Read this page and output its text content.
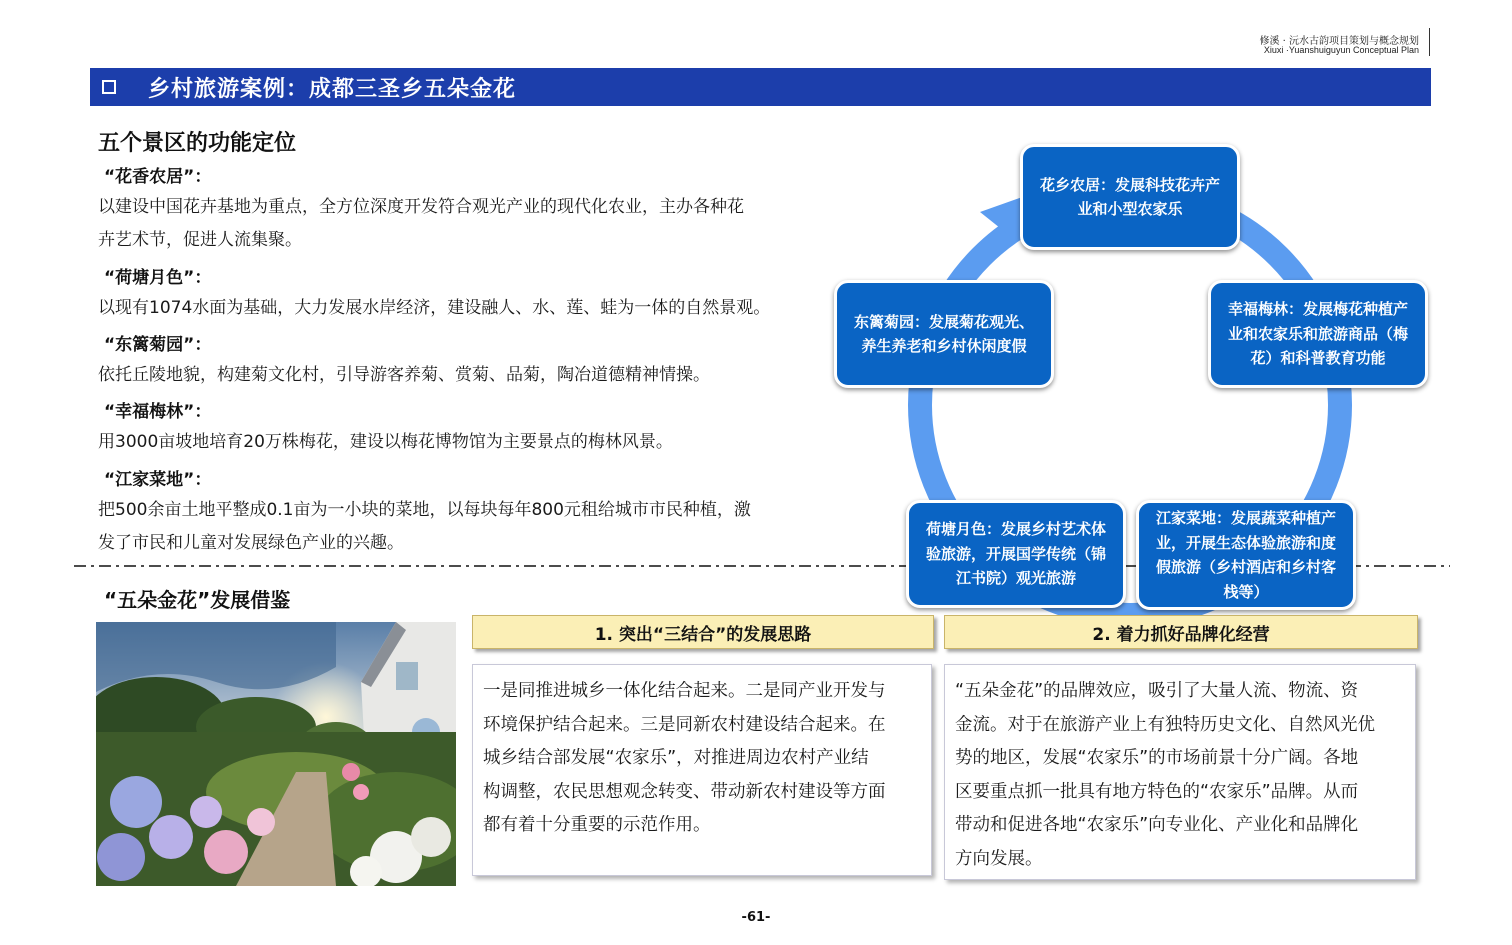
修溪 · 沅水古韵项目策划与概念规划
Xiuxi ·Yuanshuiguyun Conceptual Plan
乡村旅游案例：成都三圣乡五朵金花
五个景区的功能定位
“花香农居”：
以建设中国花卉基地为重点，全方位深度开发符合观光产业的现代化农业，主办各种花
卉艺术节，促进人流集聚。
“荷塘月色”：
以现有1074水面为基础，大力发展水岸经济，建设融人、水、莲、蛙为一体的自然景观。
“东篱菊园”：
依托丘陵地貌，构建菊文化村，引导游客养菊、赏菊、品菊，陶冶道德精神情操。
“幸福梅林”：
用3000亩坡地培育20万株梅花，建设以梅花博物馆为主要景点的梅林风景。
“江家菜地”：
把500余亩土地平整成0.1亩为一小块的菜地，以每块每年800元租给城市市民种植，激
发了市民和儿童对发展绿色产业的兴趣。
花乡农居：发展科技花卉产
业和小型农家乐
幸福梅林：发展梅花种植产
业和农家乐和旅游商品（梅
花）和科普教育功能
东篱菊园：发展菊花观光、
养生养老和乡村休闲度假
荷塘月色：发展乡村艺术体
验旅游，开展国学传统（锦
江书院）观光旅游
江家菜地：发展蔬菜种植产
业，开展生态体验旅游和度
假旅游（乡村酒店和乡村客
栈等）
“五朵金花”发展借鉴
1. 突出“三结合”的发展思路
一是同推进城乡一体化结合起来。二是同产业开发与
环境保护结合起来。三是同新农村建设结合起来。在
城乡结合部发展“农家乐”，对推进周边农村产业结
构调整，农民思想观念转变、带动新农村建设等方面
都有着十分重要的示范作用。
2. 着力抓好品牌化经营
“五朵金花”的品牌效应，吸引了大量人流、物流、资
金流。对于在旅游产业上有独特历史文化、自然风光优
势的地区，发展“农家乐”的市场前景十分广阔。各地
区要重点抓一批具有地方特色的“农家乐”品牌。从而
带动和促进各地“农家乐”向专业化、产业化和品牌化
方向发展。
-61-
